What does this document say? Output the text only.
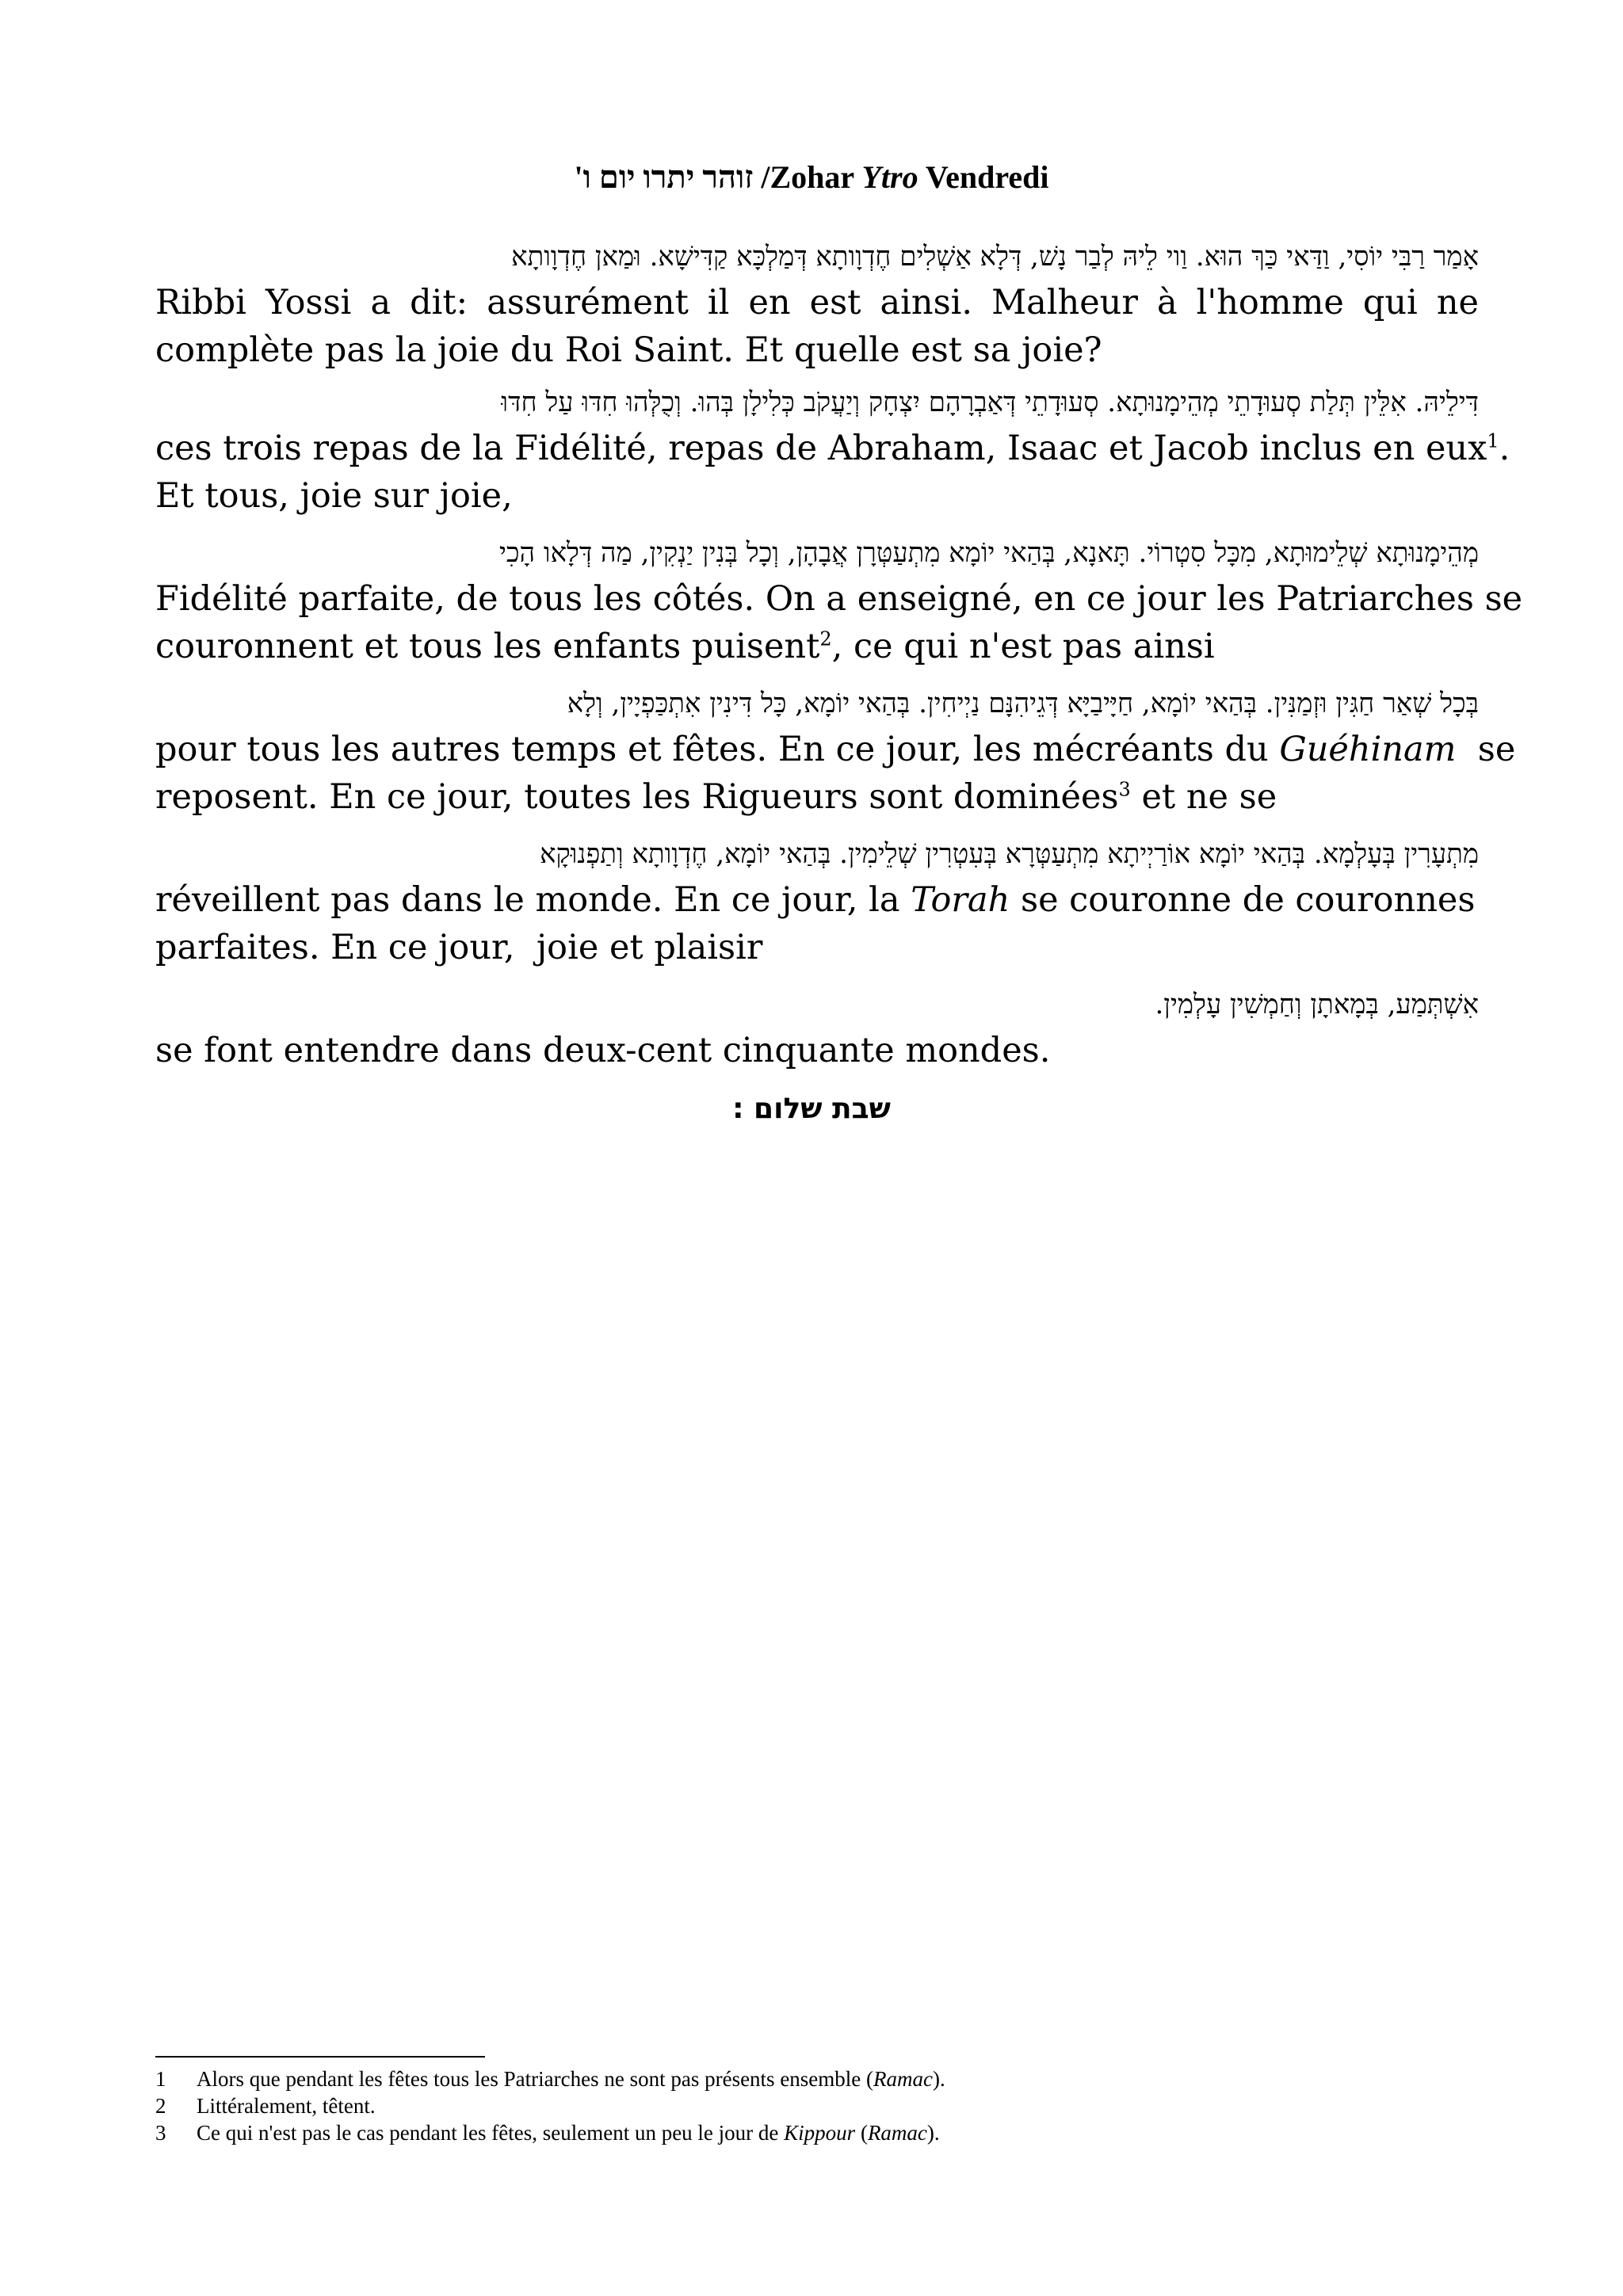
זוהר יתרו יום ו' /Zohar Ytro Vendredi
אָמַר רַבִּי יוֹסִי, וַדַּאי כַּךְ הוּא. וַוי לֵיהּ לְבַר נָשׁ, דְּלָא אַשְׁלִים חֶדְוָותָא דְּמַלְכָּא קַדִּישָׁא. וּמַאן חֶדְוָותָא
Ribbi Yossi a dit: assurément il en est ainsi. Malheur à l'homme qui ne
complète pas la joie du Roi Saint. Et quelle est sa joie?
דִּילֵיהּ. אִלֵּין תְּלַת סְעוּדָתֵי מְהֵימָנוּתָא. סְעוּדָתֵי דְּאַבְרָהָם יִצְחָק וְיַעֲקֹב כְּלִילָן בְּהוּ. וְכֻלְּהוּ חִדּוּ עַל חִדּוּ
ces trois repas de la Fidélité, repas de Abraham, Isaac et Jacob inclus en eux$^1$.
Et tous, joie sur joie,
מְהֵימָנוּתָא שְׁלֵימוּתָא, מִכָּל סִטְרוֹי. תָּאנָא, בְּהַאי יוֹמָא מִתְעַטְּרָן אֲבָהָן, וְכָל בְּנִין יַנְקִין, מַה דְּלָאו הָכִי
Fidélité parfaite, de tous les côtés. On a enseigné, en ce jour les Patriarches se
couronnent et tous les enfants puisent$^2$, ce qui n'est pas ainsi
בְּכָל שְׁאַר חַגִּין וּזְמַנִּין. בְּהַאי יוֹמָא, חַיָּיבַיָּא דְּגֵיהִנָּם נַיְיחִין. בְּהַאי יוֹמָא, כָּל דִּינִין אִתְכַּפְיָין, וְלָא
pour tous les autres temps et fêtes. En ce jour, les mécréants du Guéhinam  se
reposent. En ce jour, toutes les Rigueurs sont dominées$^3$ et ne se
מִתְעָרִין בְּעָלְמָא. בְּהַאי יוֹמָא אוֹרַיְיתָא מִתְעַטְּרָא בְּעִטְרִין שְׁלֵימִין. בְּהַאי יוֹמָא, חֶדְוָותָא וְתַפְנוּקָא
réveillent pas dans le monde. En ce jour, la Torah se couronne de couronnes
parfaites. En ce jour,  joie et plaisir
אִשְׁתְּמַע, בְּמָאתָן וְחַמְשִׁין עָלְמִין.
se font entendre dans deux-cent cinquante mondes.
שבת שלום :
1	Alors que pendant les fêtes tous les Patriarches ne sont pas présents ensemble (Ramac).
2	Littéralement, têtent.
3	Ce qui n'est pas le cas pendant les fêtes, seulement un peu le jour de Kippour (Ramac).
